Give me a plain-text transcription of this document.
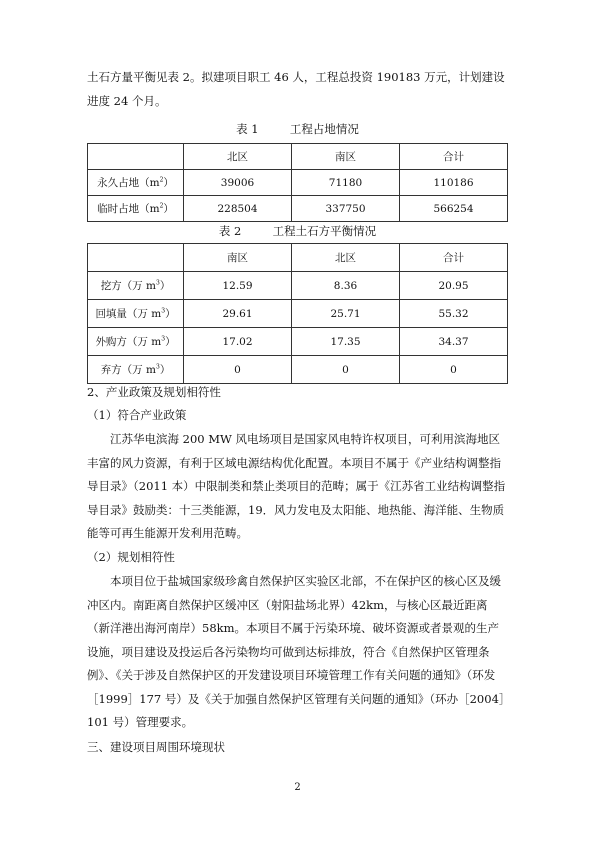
土石方量平衡见表 2。拟建项目职工 46 人，工程总投资 190183 万元，计划建设

进度 24 个月。

表 1	工程占地情况
	北区	南区	合计
永久占地$(m^2)$	39006	71180	110186
临时占地$(m^2)$	228504	337750	566254
表 2	工程土石方平衡情况
	南区	北区	合计
挖方（万 $m^3$）	12.59	8.36	20.95
回填量（万 $m^3$）	29.61	25.71	55.32
外购方（万 $m^3$）	17.02	17.35	34.37
弃方（万 $m^3$）	0	0	0

2、产业政策及规划相符性

（1）符合产业政策

江苏华电滨海 200 MW 风电场项目是国家风电特许权项目，可利用滨海地区丰富的风力资源，有利于区域电源结构优化配置。本项目不属于《产业结构调整指导目录》（2011 本）中限制类和禁止类项目的范畴；属于《江苏省工业结构调整指导目录》鼓励类：十三类能源，19．风力发电及太阳能、地热能、海洋能、生物质能等可再生能源开发利用范畴。

（2）规划相符性

本项目位于盐城国家级珍禽自然保护区实验区北部，不在保护区的核心区及缓冲区内。南距离自然保护区缓冲区（射阳盐场北界）42km，与核心区最近距离（新洋港出海河南岸）58km。本项目不属于污染环境、破坏资源或者景观的生产设施，项目建设及投运后各污染物均可做到达标排放，符合《自然保护区管理条例》、《关于涉及自然保护区的开发建设项目环境管理工作有关问题的通知》（环发［1999］177 号）及《关于加强自然保护区管理有关问题的通知》（环办［2004］101 号）管理要求。

三、建设项目周围环境现状

2
